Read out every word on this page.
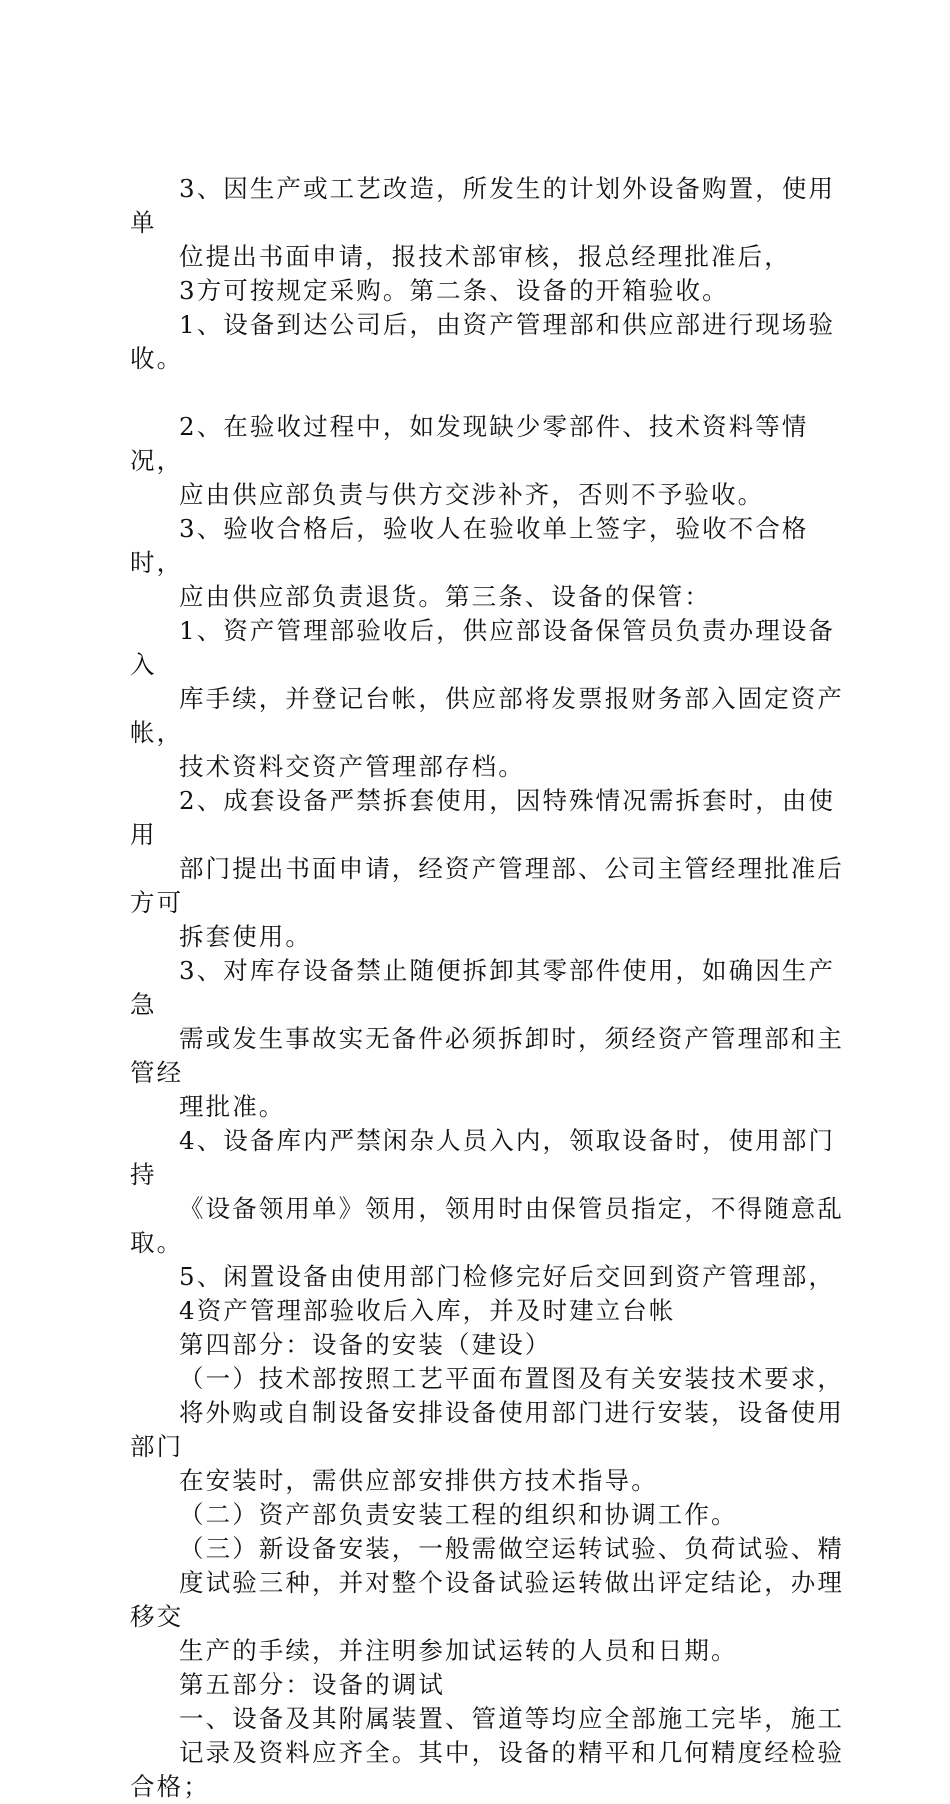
3、因生产或工艺改造，所发生的计划外设备购置，使用单
位提出书面申请，报技术部审核，报总经理批准后，

3方可按规定采购。第二条、设备的开箱验收。

1、设备到达公司后，由资产管理部和供应部进行现场验收。

2、在验收过程中，如发现缺少零部件、技术资料等情况，
应由供应部负责与供方交涉补齐，否则不予验收。

3、验收合格后，验收人在验收单上签字，验收不合格时，
应由供应部负责退货。第三条、设备的保管：

1、资产管理部验收后，供应部设备保管员负责办理设备入
库手续，并登记台帐，供应部将发票报财务部入固定资产帐，
技术资料交资产管理部存档。

2、成套设备严禁拆套使用，因特殊情况需拆套时，由使用
部门提出书面申请，经资产管理部、公司主管经理批准后方可
拆套使用。

3、对库存设备禁止随便拆卸其零部件使用，如确因生产急
需或发生事故实无备件必须拆卸时，须经资产管理部和主管经
理批准。

4、设备库内严禁闲杂人员入内，领取设备时，使用部门持
《设备领用单》领用，领用时由保管员指定，不得随意乱取。

5、闲置设备由使用部门检修完好后交回到资产管理部，

4资产管理部验收后入库，并及时建立台帐

第四部分：设备的安装（建设）

（一）技术部按照工艺平面布置图及有关安装技术要求，
将外购或自制设备安排设备使用部门进行安装，设备使用部门
在安装时，需供应部安排供方技术指导。

（二）资产部负责安装工程的组织和协调工作。

（三）新设备安装，一般需做空运转试验、负荷试验、精
度试验三种，并对整个设备试验运转做出评定结论，办理移交
生产的手续，并注明参加试运转的人员和日期。

第五部分：设备的调试

一、设备及其附属装置、管道等均应全部施工完毕，施工
记录及资料应齐全。其中，设备的精平和几何精度经检验合格；
